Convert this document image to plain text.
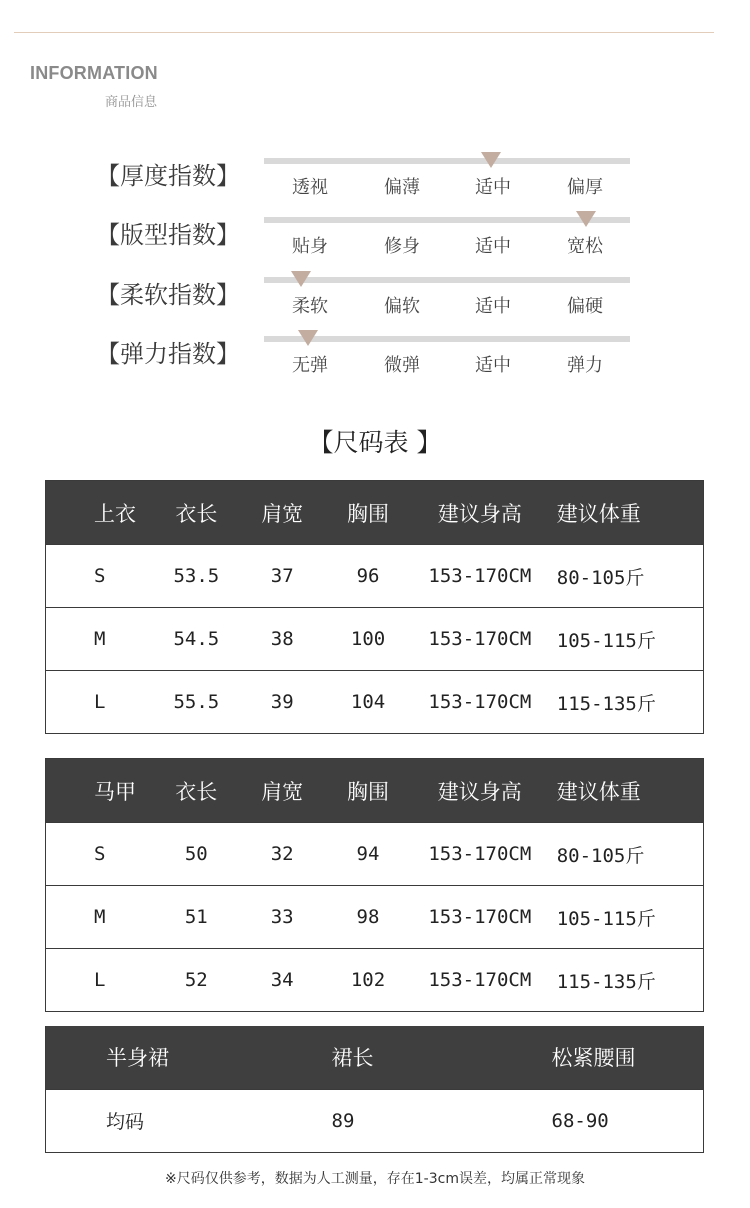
INFORMATION
商品信息
【厚度指数】	透视	偏薄	适中	偏厚
【版型指数】	贴身	修身	适中	宽松
【柔软指数】	柔软	偏软	适中	偏硬
【弹力指数】	无弹	微弹	适中	弹力
【尺码表 】
上衣	衣长	肩宽	胸围	建议身高	建议体重
S	53.5	37	96	153-170CM	80-105斤
M	54.5	38	100	153-170CM	105-115斤
L	55.5	39	104	153-170CM	115-135斤
马甲	衣长	肩宽	胸围	建议身高	建议体重
S	50	32	94	153-170CM	80-105斤
M	51	33	98	153-170CM	105-115斤
L	52	34	102	153-170CM	115-135斤
半身裙	裙长	松紧腰围
均码	89	68-90
※尺码仅供参考，数据为人工测量，存在1-3cm误差，均属正常现象
